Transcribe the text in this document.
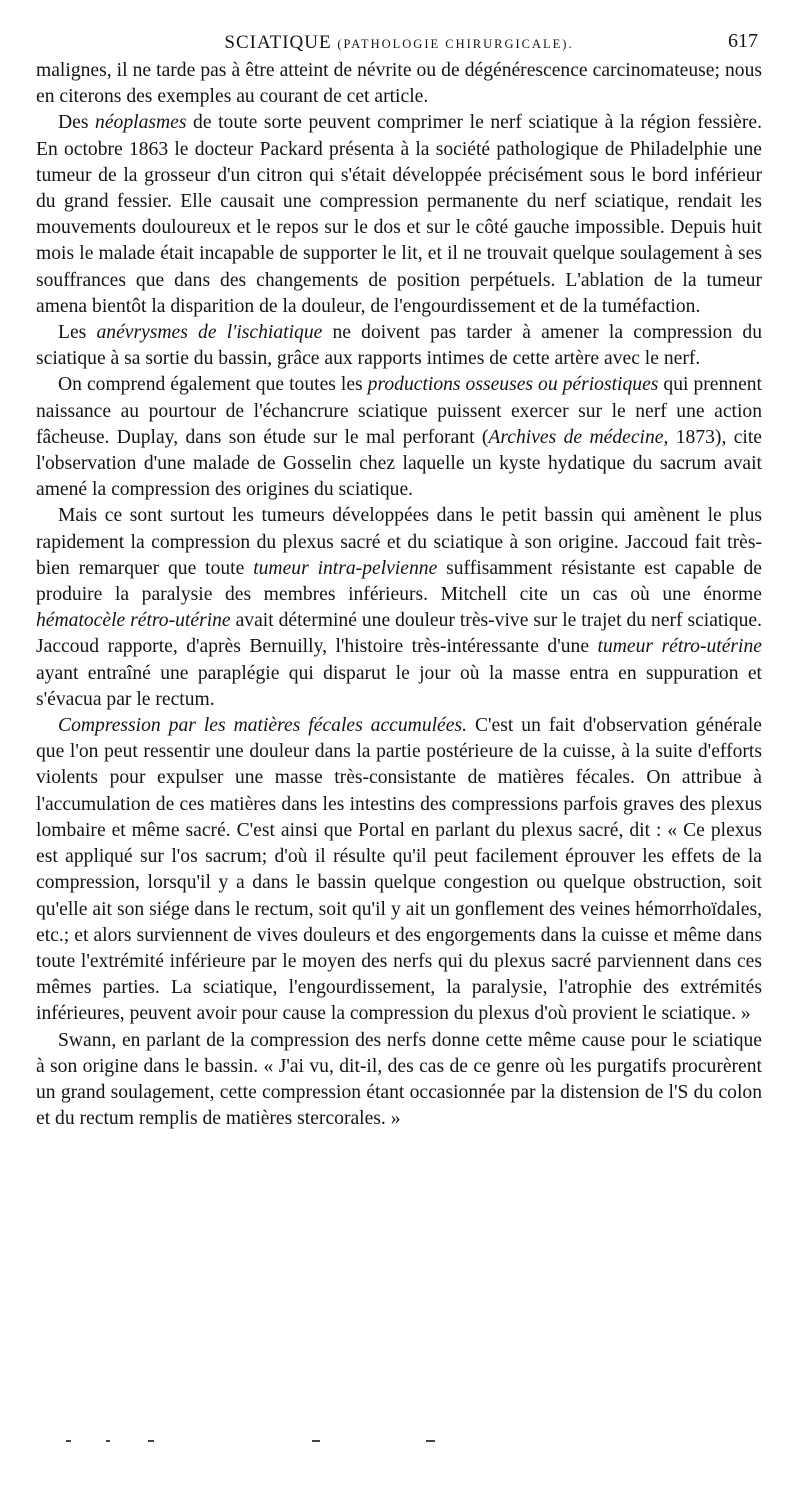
SCIATIQUE (PATHOLOGIE CHIRURGICALE).	617

malignes, il ne tarde pas à être atteint de névrite ou de dégénérescence carcinomateuse; nous en citerons des exemples au courant de cet article.

Des néoplasmes de toute sorte peuvent comprimer le nerf sciatique à la région fessière. En octobre 1863 le docteur Packard présenta à la société pathologique de Philadelphie une tumeur de la grosseur d'un citron qui s'était développée précisément sous le bord inférieur du grand fessier. Elle causait une compression permanente du nerf sciatique, rendait les mouvements douloureux et le repos sur le dos et sur le côté gauche impossible. Depuis huit mois le malade était incapable de supporter le lit, et il ne trouvait quelque soulagement à ses souffrances que dans des changements de position perpétuels. L'ablation de la tumeur amena bientôt la disparition de la douleur, de l'engourdissement et de la tuméfaction.

Les anévrysmes de l'ischiatique ne doivent pas tarder à amener la compression du sciatique à sa sortie du bassin, grâce aux rapports intimes de cette artère avec le nerf.

On comprend également que toutes les productions osseuses ou périostiques qui prennent naissance au pourtour de l'échancrure sciatique puissent exercer sur le nerf une action fâcheuse. Duplay, dans son étude sur le mal perforant (Archives de médecine, 1873), cite l'observation d'une malade de Gosselin chez laquelle un kyste hydatique du sacrum avait amené la compression des origines du sciatique.

Mais ce sont surtout les tumeurs développées dans le petit bassin qui amènent le plus rapidement la compression du plexus sacré et du sciatique à son origine. Jaccoud fait très-bien remarquer que toute tumeur intra-pelvienne suffisamment résistante est capable de produire la paralysie des membres inférieurs. Mitchell cite un cas où une énorme hématocèle rétro-utérine avait déterminé une douleur très-vive sur le trajet du nerf sciatique. Jaccoud rapporte, d'après Bernuilly, l'histoire très-intéressante d'une tumeur rétro-utérine ayant entraîné une paraplégie qui disparut le jour où la masse entra en suppuration et s'évacua par le rectum.

Compression par les matières fécales accumulées. C'est un fait d'observation générale que l'on peut ressentir une douleur dans la partie postérieure de la cuisse, à la suite d'efforts violents pour expulser une masse très-consistante de matières fécales. On attribue à l'accumulation de ces matières dans les intestins des compressions parfois graves des plexus lombaire et même sacré. C'est ainsi que Portal en parlant du plexus sacré, dit : « Ce plexus est appliqué sur l'os sacrum; d'où il résulte qu'il peut facilement éprouver les effets de la compression, lorsqu'il y a dans le bassin quelque congestion ou quelque obstruction, soit qu'elle ait son siége dans le rectum, soit qu'il y ait un gonflement des veines hémorrhoïdales, etc.; et alors surviennent de vives douleurs et des engorgements dans la cuisse et même dans toute l'extrémité inférieure par le moyen des nerfs qui du plexus sacré parviennent dans ces mêmes parties. La sciatique, l'engourdissement, la paralysie, l'atrophie des extrémités inférieures, peuvent avoir pour cause la compression du plexus d'où provient le sciatique. »

Swann, en parlant de la compression des nerfs donne cette même cause pour le sciatique à son origine dans le bassin. « J'ai vu, dit-il, des cas de ce genre où les purgatifs procurèrent un grand soulagement, cette compression étant occasionnée par la distension de l'S du colon et du rectum remplis de matières stercorales. »
